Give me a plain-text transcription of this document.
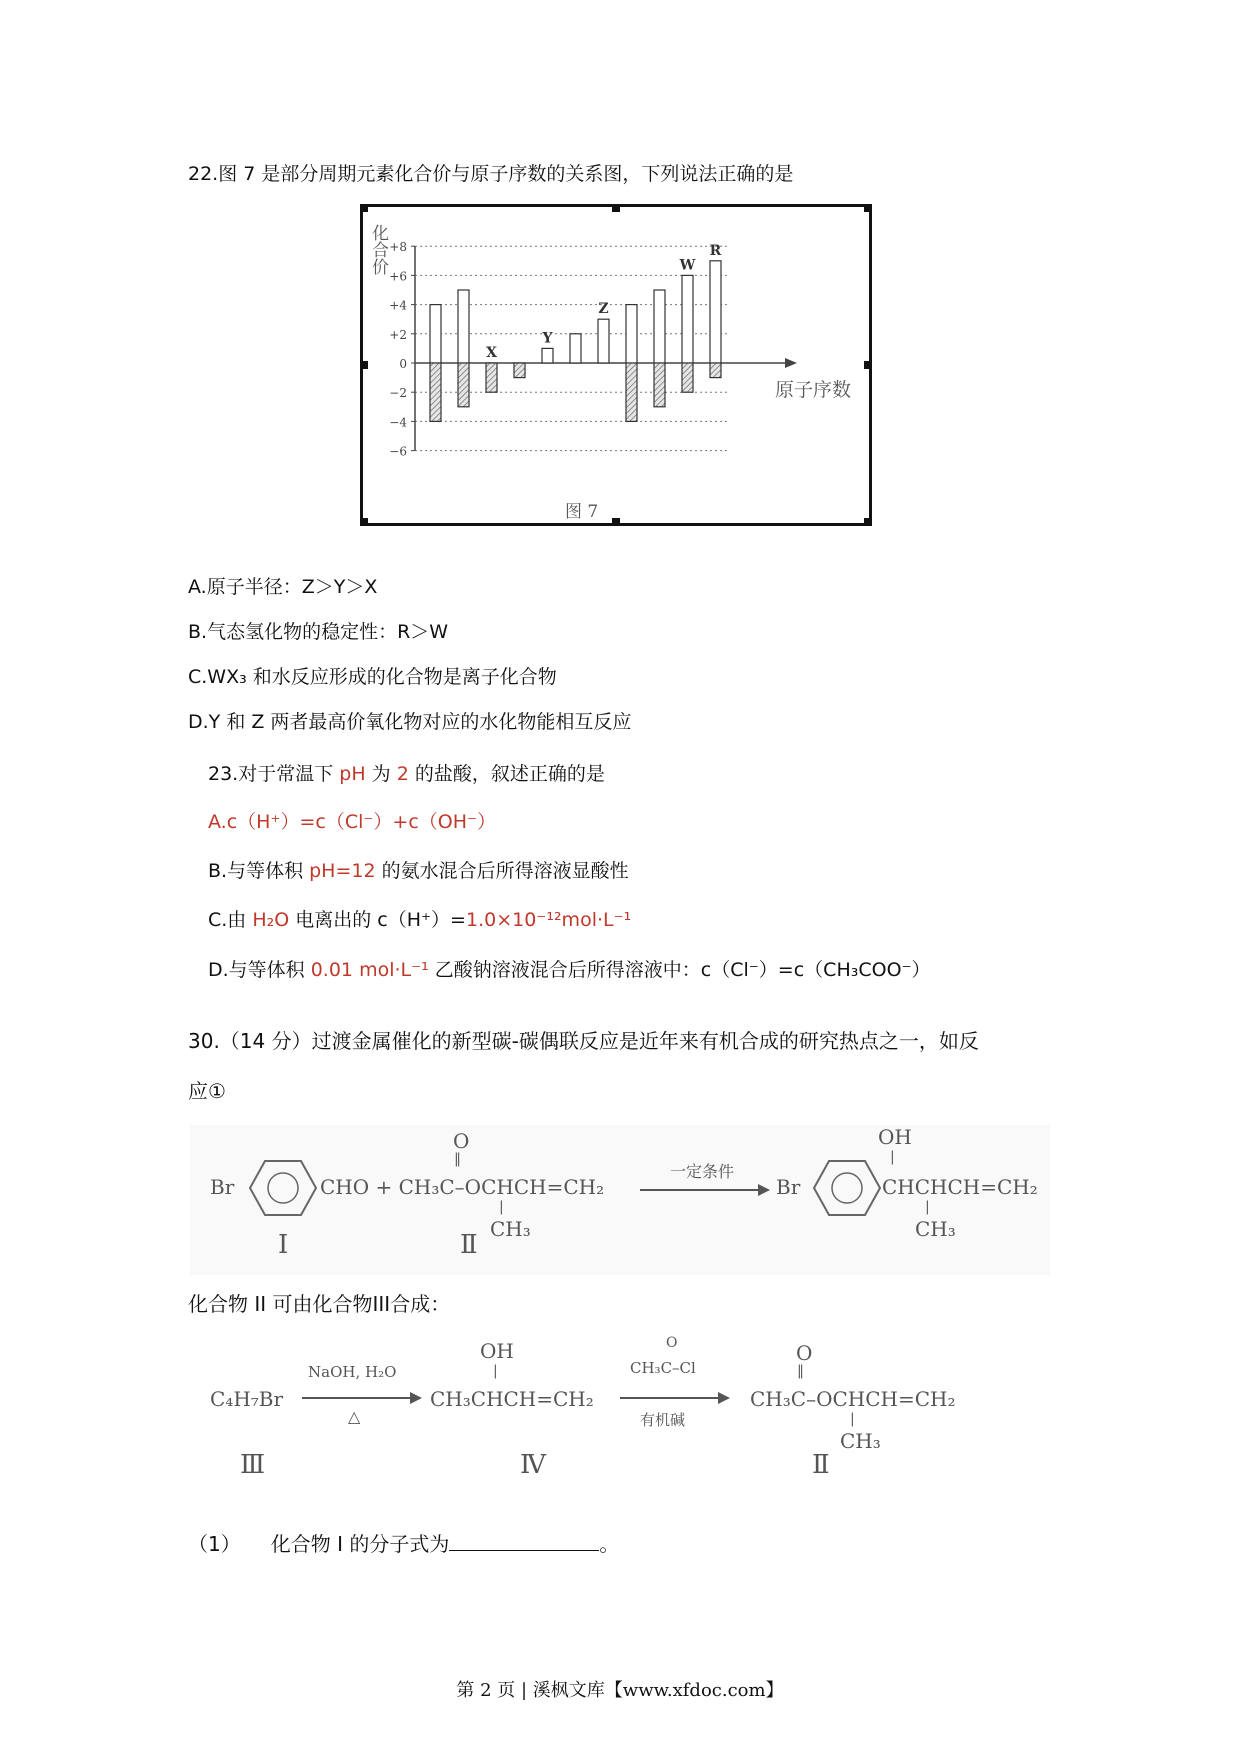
22.图 7 是部分周期元素化合价与原子序数的关系图，下列说法正确的是
+8
+6
+4
+2
0
−2
−4
−6
X
Y
Z
W
R
化合价
原子序数
图 7
A.原子半径：Z＞Y＞X
B.气态氢化物的稳定性：R＞W
C.WX₃ 和水反应形成的化合物是离子化合物
D.Y 和 Z 两者最高价氧化物对应的水化物能相互反应
23.对于常温下 pH 为 2 的盐酸，叙述正确的是
A.c（H⁺）=c（Cl⁻）+c（OH⁻）
B.与等体积 pH=12 的氨水混合后所得溶液显酸性
C.由 H₂O 电离出的 c（H⁺）=1.0×10⁻¹²mol·L⁻¹
D.与等体积 0.01 mol·L⁻¹ 乙酸钠溶液混合后所得溶液中：c（Cl⁻）=c（CH₃COO⁻）
30.（14 分）过渡金属催化的新型碳-碳偶联反应是近年来有机合成的研究热点之一，如反
应①
Br	CHO + CH₃C–OCHCH=CH₂
O
‖
|
CH₃
一定条件
Br	CHCHCH=CH₂
OH
|
|
CH₃
Ⅰ	Ⅱ
化合物 II 可由化合物III合成：
C₄H₇Br
NaOH, H₂O
△
OH
|
CH₃CHCH=CH₂
O
CH₃C–Cl
有机碱
O
‖
CH₃C–OCHCH=CH₂
|
CH₃
Ⅲ	Ⅳ	Ⅱ
（1） 化合物 I 的分子式为	。
第 2 页 | 溪枫文库【www.xfdoc.com】
